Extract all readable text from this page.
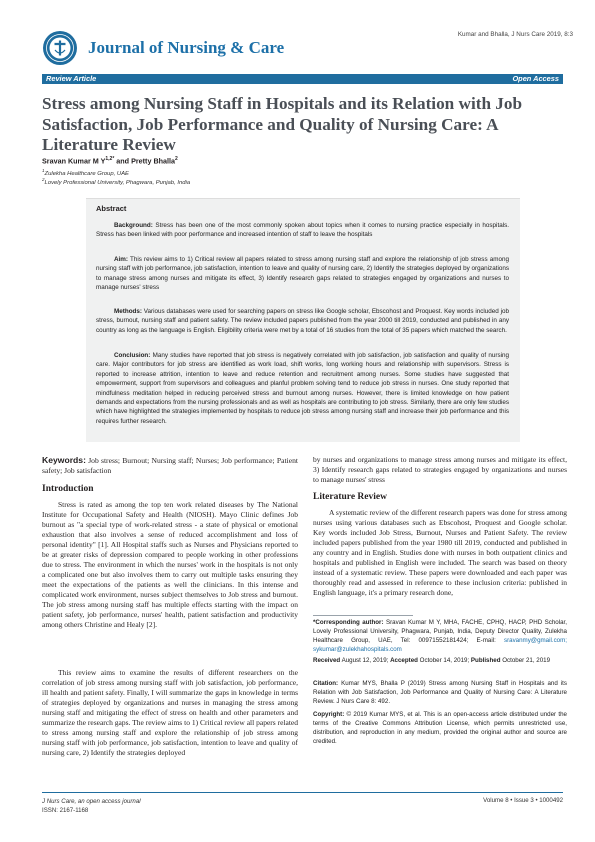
Kumar and Bhalla, J Nurs Care 2019, 8:3
Journal of Nursing & Care
Review Article	Open Access
Stress among Nursing Staff in Hospitals and its Relation with Job Satisfaction, Job Performance and Quality of Nursing Care: A Literature Review
Sravan Kumar M $Y^{1,2*}$ and Pretty Bhalla$^2$
$^1$Zulekha Healthcare Group, UAE
$^2$Lovely Professional University, Phagwara, Punjab, India
Abstract

Background: Stress has been one of the most commonly spoken about topics when it comes to nursing practice especially in hospitals. Stress has been linked with poor performance and increased intention of staff to leave the hospitals

Aim: This review aims to 1) Critical review all papers related to stress among nursing staff and explore the relationship of job stress among nursing staff with job performance, job satisfaction, intention to leave and quality of nursing care, 2) Identify the strategies deployed by organizations to manage stress among nurses and mitigate its effect, 3) Identify research gaps related to strategies engaged by organizations and nurses to manage nurses' stress

Methods: Various databases were used for searching papers on stress like Google scholar, Ebscohost and Proquest. Key words included job stress, burnout, nursing staff and patient safety. The review included papers published from the year 2000 till 2019, conducted and published in any country as long as the language is English. Eligibility criteria were met by a total of 16 studies from the total of 35 papers which matched the search.

Conclusion: Many studies have reported that job stress is negatively correlated with job satisfaction, job satisfaction and quality of nursing care. Major contributors for job stress are identified as work load, shift works, long working hours and relationship with supervisors. Stress is reported to increase attrition, intention to leave and reduce retention and recruitment among nurses. Some studies have suggested that empowerment, support from supervisors and colleagues and planful problem solving tend to reduce job stress in nurses. One study reported that mindfulness meditation helped in reducing perceived stress and burnout among nurses. However, there is limited knowledge on how patient demands and expectations from the nursing professionals and as well as hospitals are contributing to job stress. Similarly, there are only few studies which have highlighted the strategies implemented by hospitals to reduce job stress among nursing staff and increase their job performance and this requires further research.

Keywords: Job stress; Burnout; Nursing staff; Nurses; Job performance; Patient safety; Job satisfaction
Introduction

Stress is rated as among the top ten work related diseases by The National Institute for Occupational Safety and Health (NIOSH). Mayo Clinic defines Job burnout as "a special type of work-related stress - a state of physical or emotional exhaustion that also involves a sense of reduced accomplishment and loss of personal identity" [1]. All Hospital staffs such as Nurses and Physicians reported to be at greater risks of depression compared to people working in other professions due to stress. The environment in which the nurses' work in the hospitals is not only a complicated one but also involves them to carry out multiple tasks ensuring they meet the expectations of the patients as well the clinicians. In this intense and complicated work environment, nurses subject themselves to Job stress and burnout. The job stress among nursing staff has multiple effects starting with the impact on patient safety, job performance, nurses' health, patient satisfaction and productivity among others Christine and Healy [2].

This review aims to examine the results of different researchers on the correlation of job stress among nursing staff with job satisfaction, job performance, ill health and patient safety. Finally, I will summarize the gaps in knowledge in terms of strategies deployed by organizations and nurses in managing the stress among nursing staff and mitigating the effect of stress on health and other parameters and summarize the research gaps. The review aims to 1) Critical review all papers related to stress among nursing staff and explore the relationship of job stress among nursing staff with job performance, job satisfaction, intention to leave and quality of nursing care, 2) Identify the strategies deployed

by nurses and organizations to manage stress among nurses and mitigate its effect, 3) Identify research gaps related to strategies engaged by organizations and nurses to manage nurses' stress

Literature Review

A systematic review of the different research papers was done for stress among nurses using various databases such as Ebscohost, Proquest and Google scholar. Key words included Job Stress, Burnout, Nurses and Patient Safety. The review included papers published from the year 1980 till 2019, conducted and published in any country and in English. Studies done with nurses in both outpatient clinics and hospitals and published in English were included. The search was based on theory instead of a systematic review. These papers were downloaded and each paper was thoroughly read and assessed in reference to these inclusion criteria: published in English language, it's a primary research done,

*Corresponding author: Sravan Kumar M Y, MHA, FACHE, CPHQ, HACP, PHD Scholar, Lovely Professional University, Phagwara, Punjab, India, Deputy Director Quality, Zulekha Healthcare Group, UAE, Tel: 00971552181424; E-mail: sravanmy@gmail.com; sykumar@zulekhahospitals.com

Received August 12, 2019; Accepted October 14, 2019; Published October 21, 2019

Citation: Kumar MYS, Bhalla P (2019) Stress among Nursing Staff in Hospitals and its Relation with Job Satisfaction, Job Performance and Quality of Nursing Care: A Literature Review. J Nurs Care 8: 492.

Copyright: © 2019 Kumar MYS, et al. This is an open-access article distributed under the terms of the Creative Commons Attribution License, which permits unrestricted use, distribution, and reproduction in any medium, provided the original author and source are credited.

J Nurs Care, an open access journal
ISSN: 2167-1168
Volume 8 • Issue 3 • 1000492
